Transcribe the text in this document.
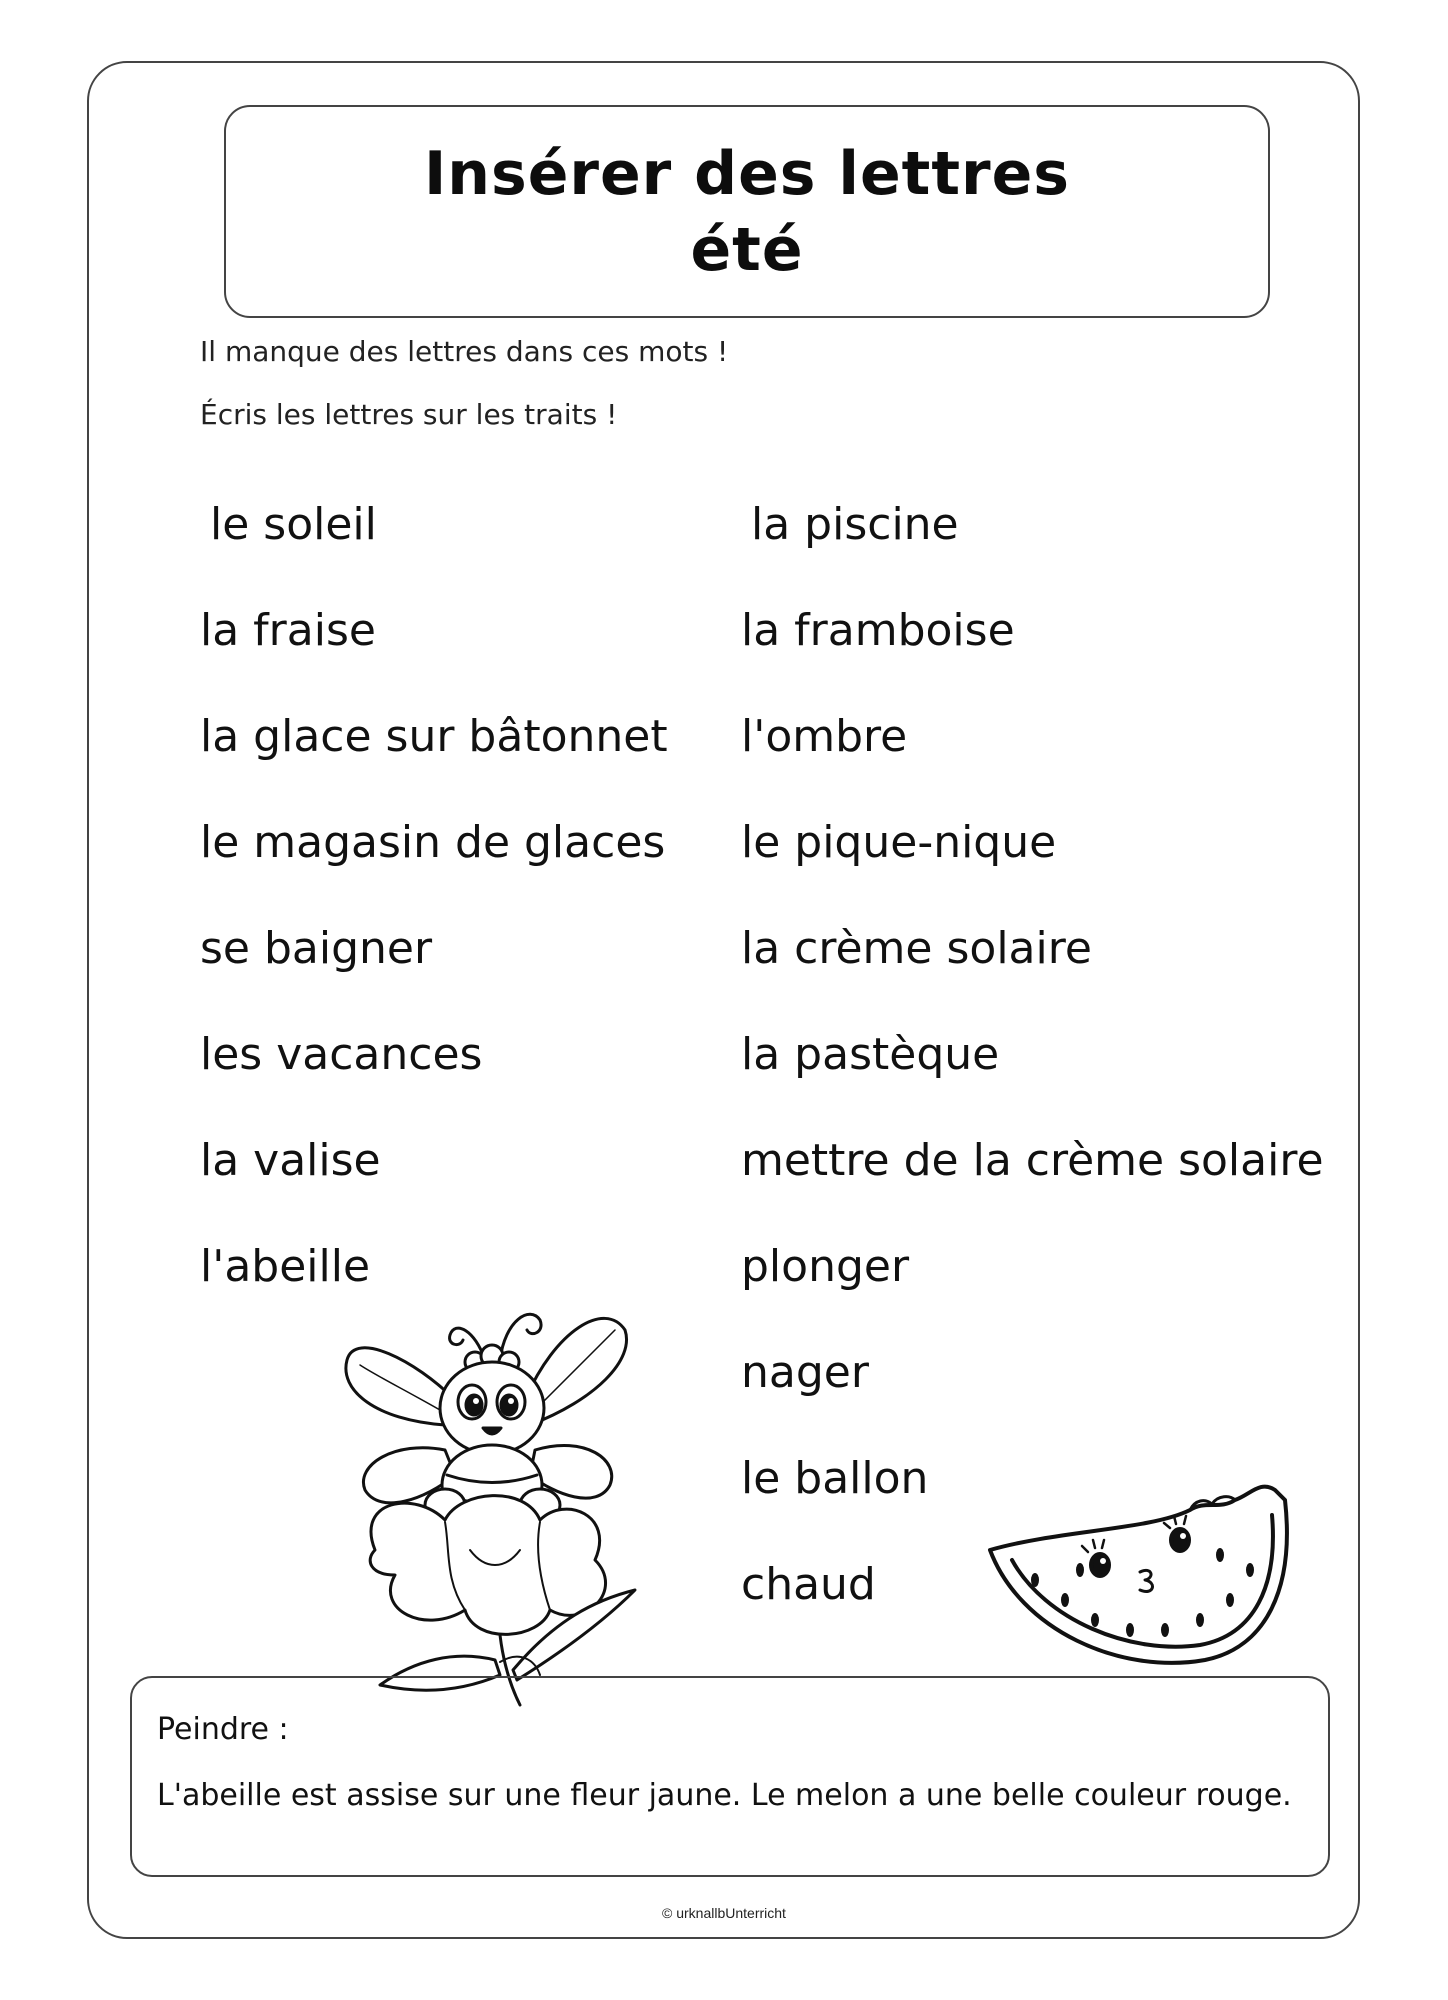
Insérer des lettres
été
Il manque des lettres dans ces mots !
Écris les lettres sur les traits !
le soleil
la fraise
la glace sur bâtonnet
le magasin de glaces
se baigner
les vacances
la valise
l'abeille
la piscine
la framboise
l'ombre
le pique-nique
la crème solaire
la pastèque
mettre de la crème solaire
plonger
nager
le ballon
chaud
Peindre :
L'abeille est assise sur une fleur jaune. Le melon a une belle couleur rouge.
© urknallbUnterricht
